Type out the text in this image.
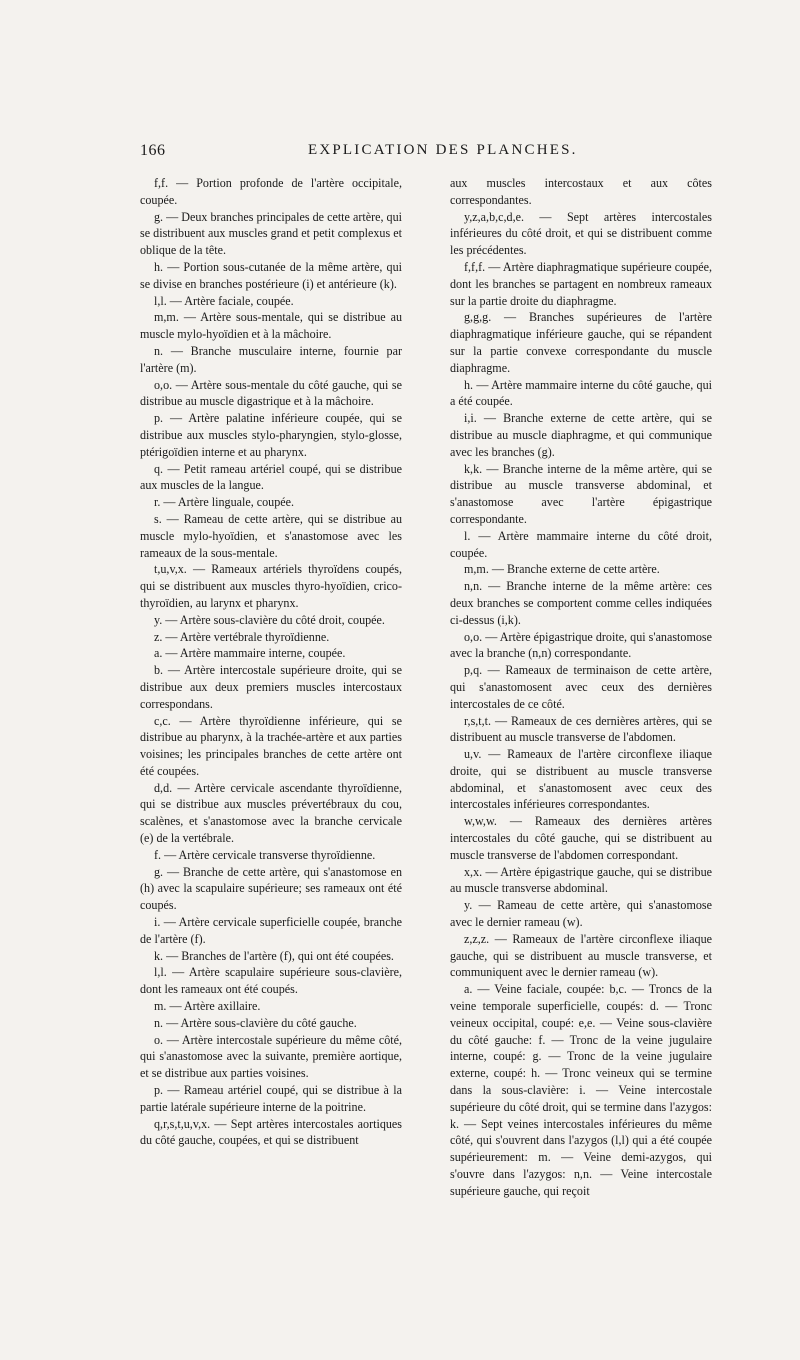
166	EXPLICATION DES PLANCHES.

f,f. — Portion profonde de l'artère occipitale, coupée.

g. — Deux branches principales de cette artère, qui se distribuent aux muscles grand et petit complexus et oblique de la tête.

h. — Portion sous-cutanée de la même artère, qui se divise en branches postérieure (i) et antérieure (k).

l,l. — Artère faciale, coupée.

m,m. — Artère sous-mentale, qui se distribue au muscle mylo-hyoïdien et à la mâchoire.

n. — Branche musculaire interne, fournie par l'artère (m).

o,o. — Artère sous-mentale du côté gauche, qui se distribue au muscle digastrique et à la mâchoire.

p. — Artère palatine inférieure coupée, qui se distribue aux muscles stylo-pharyngien, stylo-glosse, ptérigoïdien interne et au pharynx.

q. — Petit rameau artériel coupé, qui se distribue aux muscles de la langue.

r. — Artère linguale, coupée.

s. — Rameau de cette artère, qui se distribue au muscle mylo-hyoïdien, et s'anastomose avec les rameaux de la sous-mentale.

t,u,v,x. — Rameaux artériels thyroïdens coupés, qui se distribuent aux muscles thyro-hyoïdien, crico-thyroïdien, au larynx et pharynx.

y. — Artère sous-clavière du côté droit, coupée.

z. — Artère vertébrale thyroïdienne.

a. — Artère mammaire interne, coupée.

b. — Artère intercostale supérieure droite, qui se distribue aux deux premiers muscles intercostaux correspondans.

c,c. — Artère thyroïdienne inférieure, qui se distribue au pharynx, à la trachée-artère et aux parties voisines; les principales branches de cette artère ont été coupées.

d,d. — Artère cervicale ascendante thyroïdienne, qui se distribue aux muscles prévertébraux du cou, scalènes, et s'anastomose avec la branche cervicale (e) de la vertébrale.

f. — Artère cervicale transverse thyroïdienne.

g. — Branche de cette artère, qui s'anastomose en (h) avec la scapulaire supérieure; ses rameaux ont été coupés.

i. — Artère cervicale superficielle coupée, branche de l'artère (f).

k. — Branches de l'artère (f), qui ont été coupées.

l,l. — Artère scapulaire supérieure sous-clavière, dont les rameaux ont été coupés.

m. — Artère axillaire.

n. — Artère sous-clavière du côté gauche.

o. — Artère intercostale supérieure du même côté, qui s'anastomose avec la suivante, première aortique, et se distribue aux parties voisines.

p. — Rameau artériel coupé, qui se distribue à la partie latérale supérieure interne de la poitrine.

q,r,s,t,u,v,x. — Sept artères intercostales aortiques du côté gauche, coupées, et qui se distribuent

aux muscles intercostaux et aux côtes correspondantes.

y,z,a,b,c,d,e. — Sept artères intercostales inférieures du côté droit, et qui se distribuent comme les précédentes.

f,f,f. — Artère diaphragmatique supérieure coupée, dont les branches se partagent en nombreux rameaux sur la partie droite du diaphragme.

g,g,g. — Branches supérieures de l'artère diaphragmatique inférieure gauche, qui se répandent sur la partie convexe correspondante du muscle diaphragme.

h. — Artère mammaire interne du côté gauche, qui a été coupée.

i,i. — Branche externe de cette artère, qui se distribue au muscle diaphragme, et qui communique avec les branches (g).

k,k. — Branche interne de la même artère, qui se distribue au muscle transverse abdominal, et s'anastomose avec l'artère épigastrique correspondante.

l. — Artère mammaire interne du côté droit, coupée.

m,m. — Branche externe de cette artère.

n,n. — Branche interne de la même artère: ces deux branches se comportent comme celles indiquées ci-dessus (i,k).

o,o. — Artère épigastrique droite, qui s'anastomose avec la branche (n,n) correspondante.

p,q. — Rameaux de terminaison de cette artère, qui s'anastomosent avec ceux des dernières intercostales de ce côté.

r,s,t,t. — Rameaux de ces dernières artères, qui se distribuent au muscle transverse de l'abdomen.

u,v. — Rameaux de l'artère circonflexe iliaque droite, qui se distribuent au muscle transverse abdominal, et s'anastomosent avec ceux des intercostales inférieures correspondantes.

w,w,w. — Rameaux des dernières artères intercostales du côté gauche, qui se distribuent au muscle transverse de l'abdomen correspondant.

x,x. — Artère épigastrique gauche, qui se distribue au muscle transverse abdominal.

y. — Rameau de cette artère, qui s'anastomose avec le dernier rameau (w).

z,z,z. — Rameaux de l'artère circonflexe iliaque gauche, qui se distribuent au muscle transverse, et communiquent avec le dernier rameau (w).

a. — Veine faciale, coupée: b,c. — Troncs de la veine temporale superficielle, coupés: d. — Tronc veineux occipital, coupé: e,e. — Veine sous-clavière du côté gauche: f. — Tronc de la veine jugulaire interne, coupé: g. — Tronc de la veine jugulaire externe, coupé: h. — Tronc veineux qui se termine dans la sous-clavière: i. — Veine intercostale supérieure du côté droit, qui se termine dans l'azygos: k. — Sept veines intercostales inférieures du même côté, qui s'ouvrent dans l'azygos (l,l) qui a été coupée supérieurement: m. — Veine demi-azygos, qui s'ouvre dans l'azygos: n,n. — Veine intercostale supérieure gauche, qui reçoit
